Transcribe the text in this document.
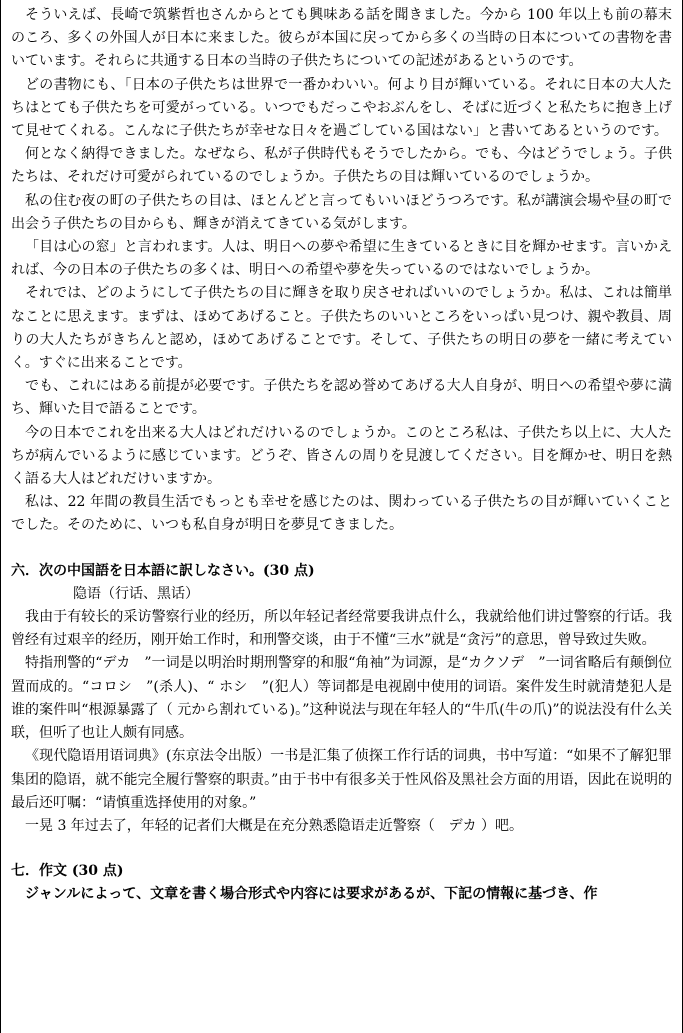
そういえば、長崎で筑紫哲也さんからとても興味ある話を聞きました。今から 100 年以上も前の幕末のころ、多くの外国人が日本に来ました。彼らが本国に戻ってから多くの当時の日本についての書物を書いています。それらに共通する日本の当時の子供たちについての記述があるというのです。

どの書物にも、「日本の子供たちは世界で一番かわいい。何より目が輝いている。それに日本の大人たちはとても子供たちを可愛がっている。いつでもだっこやおぶんをし、そばに近づくと私たちに抱き上げて見せてくれる。こんなに子供たちが幸せな日々を過ごしている国はない」と書いてあるというのです。

何となく納得できました。なぜなら、私が子供時代もそうでしたから。でも、今はどうでしょう。子供たちは、それだけ可愛がられているのでしょうか。子供たちの目は輝いているのでしょうか。

私の住む夜の町の子供たちの目は、ほとんどと言ってもいいほどうつろです。私が講演会場や昼の町で出会う子供たちの目からも、輝きが消えてきている気がします。

「目は心の窓」と言われます。人は、明日への夢や希望に生きているときに目を輝かせます。言いかえれば、今の日本の子供たちの多くは、明日への希望や夢を失っているのではないでしょうか。

それでは、どのようにして子供たちの目に輝きを取り戻させればいいのでしょうか。私は、これは簡単なことに思えます。まずは、ほめてあげること。子供たちのいいところをいっぱい見つけ、親や教員、周りの大人たちがきちんと認め，ほめてあげることです。そして、子供たちの明日の夢を一緒に考えていく。すぐに出来ることです。

でも、これにはある前提が必要です。子供たちを認め誉めてあげる大人自身が、明日への希望や夢に満ち、輝いた目で語ることです。

今の日本でこれを出来る大人はどれだけいるのでしょうか。このところ私は、子供たち以上に、大人たちが病んでいるように感じています。どうぞ、皆さんの周りを見渡してください。目を輝かせ、明日を熱く語る大人はどれだけいますか。

私は、22 年間の教員生活でもっとも幸せを感じたのは、関わっている子供たちの目が輝いていくことでした。そのために、いつも私自身が明日を夢見てきました。

六．次の中国語を日本語に訳しなさい。(30 点)
隐语（行话、黑话）

我由于有较长的采访警察行业的经历，所以年轻记者经常要我讲点什么，我就给他们讲过警察的行话。我曾经有过艰辛的经历，刚开始工作时，和刑警交谈，由于不懂“三水”就是“贪污”的意思，曾导致过失败。

特指刑警的“デカ　”一词是以明治时期刑警穿的和服“角袖”为词源，是“カクソデ　”一词省略后有颠倒位置而成的。“コロシ　”(杀人)、“ ホシ　”(犯人）等词都是电视剧中使用的词语。案件发生时就清楚犯人是谁的案件叫“根源暴露了（ 元から割れている)。”这种说法与现在年轻人的“牛爪(牛の爪)”的说法没有什么关联，但听了也让人颇有同感。

《现代隐语用语词典》(东京法令出版）一书是汇集了侦探工作行话的词典，书中写道：“如果不了解犯罪集团的隐语，就不能完全履行警察的职责。”由于书中有很多关于性风俗及黑社会方面的用语，因此在说明的最后还叮嘱：“请慎重选择使用的对象。”

一晃 3 年过去了，年轻的记者们大概是在充分熟悉隐语走近警察（　デカ ）吧。

七．作文 (30 点)

ジャンルによって、文章を書く場合形式や内容には要求があるが、下記の情報に基づき、作
